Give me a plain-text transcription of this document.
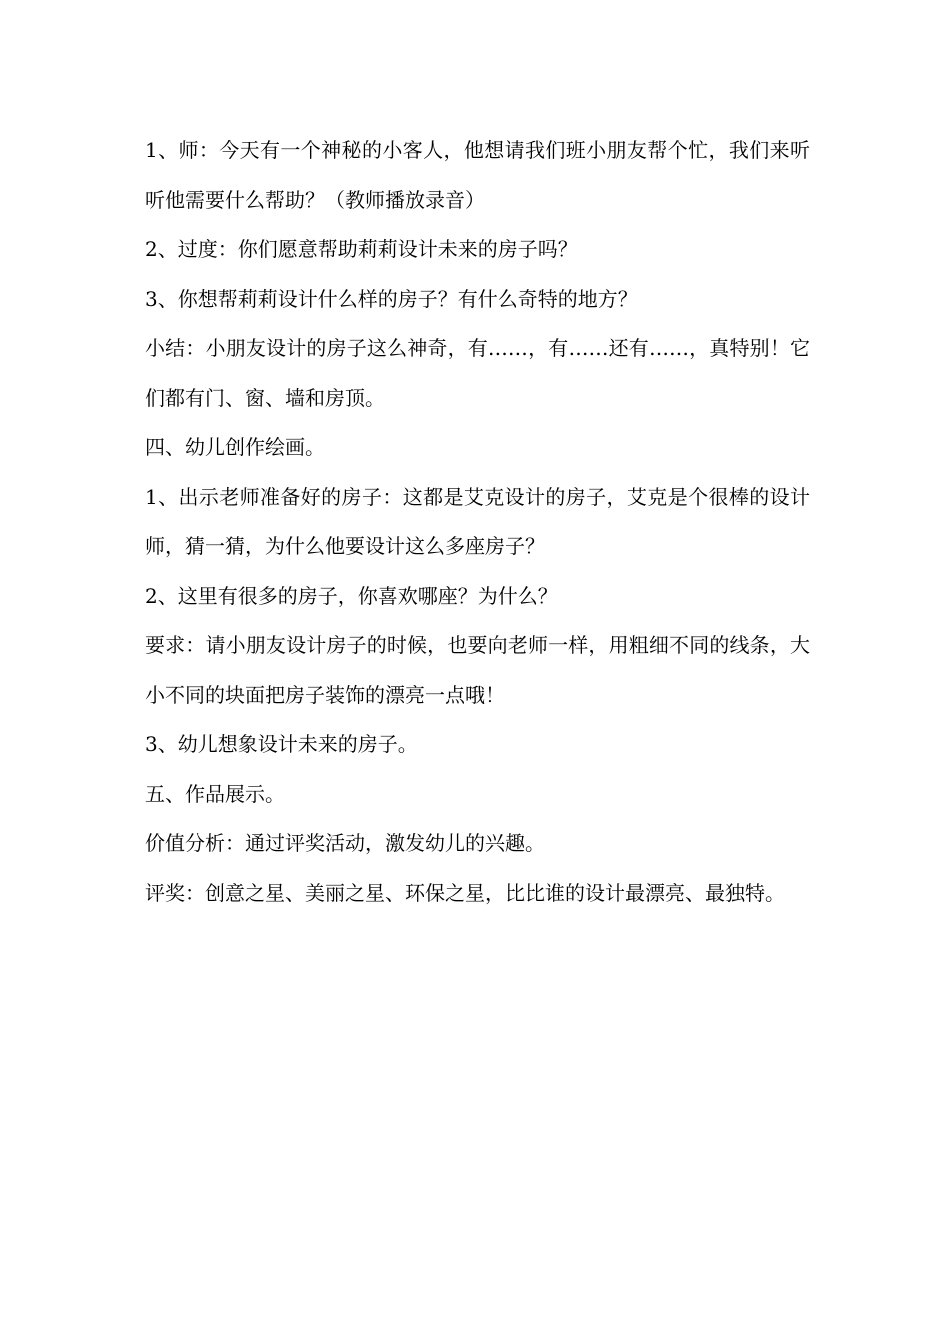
1、师：今天有一个神秘的小客人，他想请我们班小朋友帮个忙，我们来听听他需要什么帮助？（教师播放录音）

2、过度：你们愿意帮助莉莉设计未来的房子吗？

3、你想帮莉莉设计什么样的房子？有什么奇特的地方？

小结：小朋友设计的房子这么神奇，有……，有……还有……，真特别！它们都有门、窗、墙和房顶。

四、幼儿创作绘画。

1、出示老师准备好的房子：这都是艾克设计的房子，艾克是个很棒的设计师，猜一猜，为什么他要设计这么多座房子？

2、这里有很多的房子，你喜欢哪座？为什么？

要求：请小朋友设计房子的时候，也要向老师一样，用粗细不同的线条，大小不同的块面把房子装饰的漂亮一点哦！

3、幼儿想象设计未来的房子。

五、作品展示。

价值分析：通过评奖活动，激发幼儿的兴趣。

评奖：创意之星、美丽之星、环保之星，比比谁的设计最漂亮、最独特。
